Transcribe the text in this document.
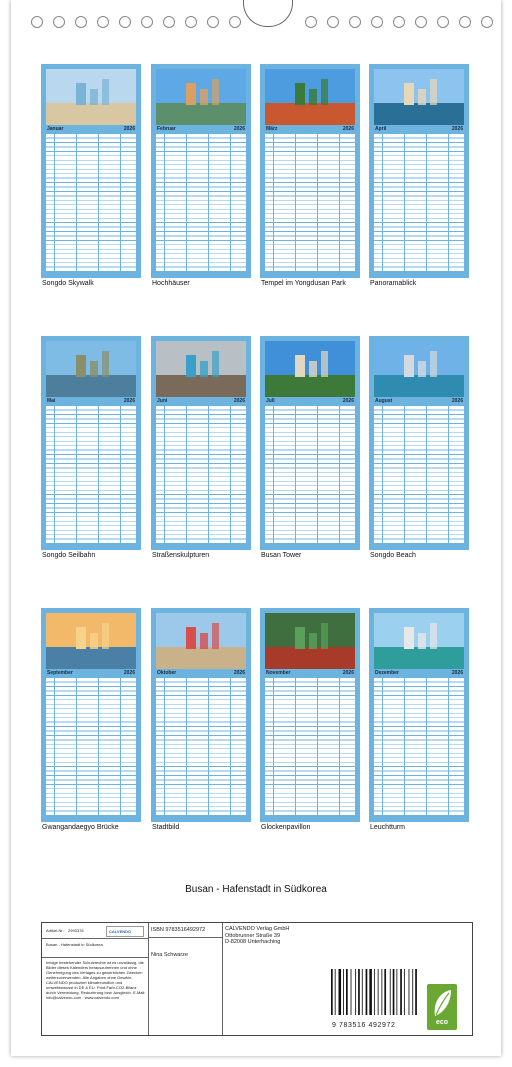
Januar	2026
Songdo Skywalk
Februar	2026
Hochhäuser
März	2026
Tempel im Yongdusan Park
April	2026
Panoramablick
Mai	2026
Songdo Seilbahn
Juni	2026
Straßenskulpturen
Juli	2026
Busan Tower
August	2026
Songdo Beach
September	2026
Gwangandaegyo Brücke
Oktober	2026
Stadtbild
November	2026
Glockenpavillon
Dezember	2026
Leuchtturm
Busan - Hafenstadt in Südkorea
Artikel-Nr.: 2993376	CALVENDO
Busan - Hafenstadt in Südkorea
Infolge bestehender Schutzrechte ist es unzulässig, die Bilder dieses Kalenders herauszutrennen und ohne Genehmigung des Verlages zu gewerblichen Zwecken weiterzuverwenden. Alle Angaben ohne Gewähr. CALVENDO produziert klimafreundlich und umweltbewusst in DE & EU. Print-Farb-CO2-Bilanz durch Vermeidung, Reduzierung bzw. Ausgleich. E-Mail: info@calvendo.com · www.calvendo.com
ISBN 9783516492972
Nina Schwarze
CALVENDO Verlag GmbH
Ottobrunner Straße 39
D-82008 Unterhaching
9 783516 492972	eco
